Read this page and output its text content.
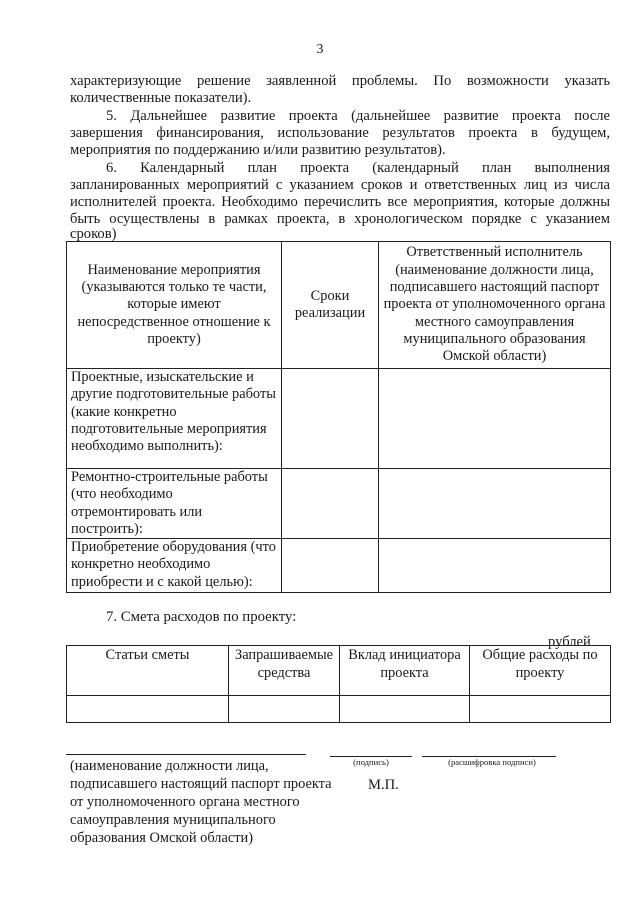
3
характеризующие решение заявленной проблемы. По возможности указать
количественные показатели).
5. Дальнейшее развитие проекта (дальнейшее развитие проекта после
завершения финансирования, использование результатов проекта в будущем,
мероприятия по поддержанию и/или развитию результатов).
6. Календарный план проекта (календарный план выполнения
запланированных мероприятий с указанием сроков и ответственных лиц из числа
исполнителей проекта. Необходимо перечислить все мероприятия, которые должны
быть осуществлены в рамках проекта, в хронологическом порядке с указанием
сроков)
Наименование мероприятия (указываются только те части, которые имеют непосредственное отношение к проекту)	Сроки реализации	Ответственный исполнитель (наименование должности лица, подписавшего настоящий паспорт проекта от уполномоченного органа местного самоуправления муниципального образования Омской области)
Проектные, изыскательские и другие подготовительные работы (какие конкретно подготовительные мероприятия необходимо выполнить):		
Ремонтно-строительные работы (что необходимо отремонтировать или построить):		
Приобретение оборудования (что конкретно необходимо приобрести и с какой целью):		
7. Смета расходов по проекту:
рублей
Статьи сметы	Запрашиваемые средства	Вклад инициатора проекта	Общие расходы по проекту

(подпись)	(расшифровка подписи)
(наименование должности лица, подписавшего настоящий паспорт проекта от уполномоченного органа местного самоуправления муниципального образования Омской области)
М.П.
